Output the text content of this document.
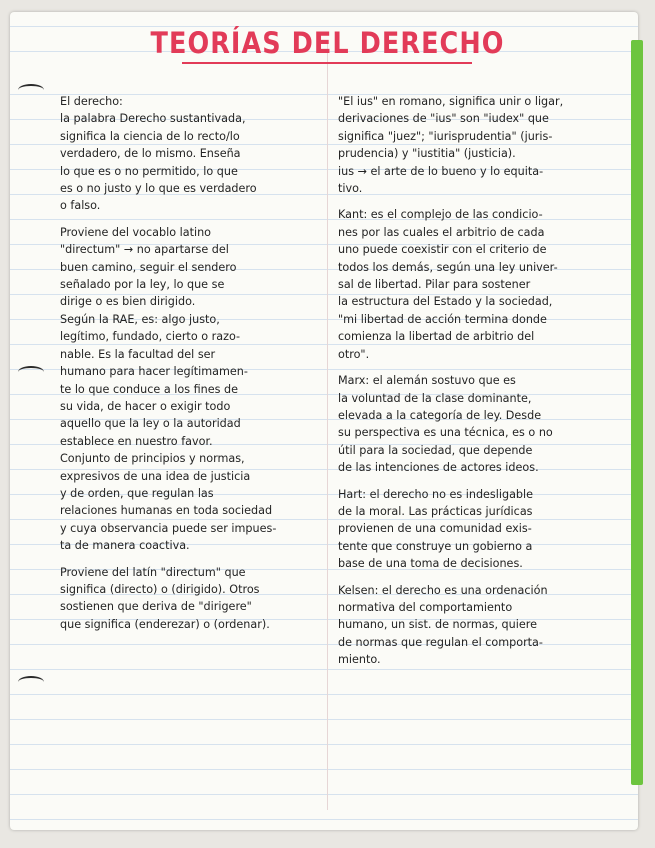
TEORÍAS DEL DERECHO

El derecho:

la palabra Derecho sustantivada,

significa la ciencia de lo recto/lo

verdadero, de lo mismo. Enseña

lo que es o no permitido, lo que

es o no justo y lo que es verdadero

o falso.

Proviene del vocablo latino

"directum" → no apartarse del

buen camino, seguir el sendero

señalado por la ley, lo que se

dirige o es bien dirigido.

Según la RAE, es: algo justo,

legítimo, fundado, cierto o razo-

nable. Es la facultad del ser

humano para hacer legítimamen-

te lo que conduce a los fines de

su vida, de hacer o exigir todo

aquello que la ley o la autoridad

establece en nuestro favor.

Conjunto de principios y normas,

expresivos de una idea de justicia

y de orden, que regulan las

relaciones humanas en toda sociedad

y cuya observancia puede ser impues-

ta de manera coactiva.

Proviene del latín "directum" que

significa (directo) o (dirigido). Otros

sostienen que deriva de "dirigere"

que significa (enderezar) o (ordenar).

"El ius" en romano, significa unir o ligar,

derivaciones de "ius" son "iudex" que

significa "juez"; "iurisprudentia" (juris-

prudencia) y "iustitia" (justicia).

ius → el arte de lo bueno y lo equita-

tivo.

Kant: es el complejo de las condicio-

nes por las cuales el arbitrio de cada

uno puede coexistir con el criterio de

todos los demás, según una ley univer-

sal de libertad. Pilar para sostener

la estructura del Estado y la sociedad,

"mi libertad de acción termina donde

comienza la libertad de arbitrio del

otro".

Marx: el alemán sostuvo que es

la voluntad de la clase dominante,

elevada a la categoría de ley. Desde

su perspectiva es una técnica, es o no

útil para la sociedad, que depende

de las intenciones de actores ideos.

Hart: el derecho no es indesligable

de la moral. Las prácticas jurídicas

provienen de una comunidad exis-

tente que construye un gobierno a

base de una toma de decisiones.

Kelsen: el derecho es una ordenación

normativa del comportamiento

humano, un sist. de normas, quiere

de normas que regulan el comporta-

miento.
